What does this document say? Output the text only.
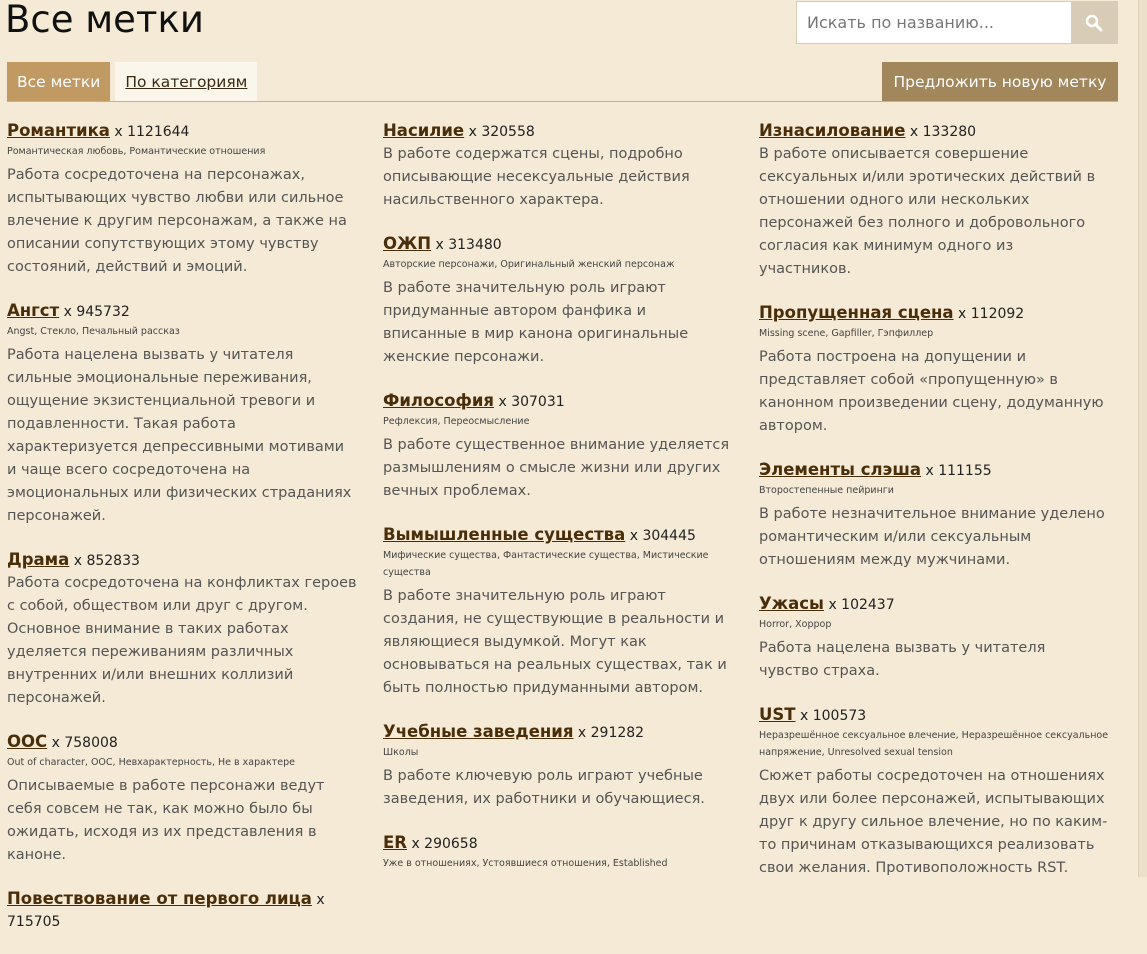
Все метки
Искать по названию...
Все метки	По категориям	Предложить новую метку
Романтика x 1121644
Романтическая любовь, Романтические отношения
Работа сосредоточена на персонажах, испытывающих чувство любви или сильное влечение к другим персонажам, а также на описании сопутствующих этому чувству состояний, действий и эмоций.
Ангст x 945732
Angst, Стекло, Печальный рассказ
Работа нацелена вызвать у читателя сильные эмоциональные переживания, ощущение экзистенциальной тревоги и подавленности. Такая работа характеризуется депрессивными мотивами и чаще всего сосредоточена на эмоциональных или физических страданиях персонажей.
Драма x 852833
Работа сосредоточена на конфликтах героев с собой, обществом или друг с другом. Основное внимание в таких работах уделяется переживаниям различных внутренних и/или внешних коллизий персонажей.
ООС x 758008
Out of character, OOC, Невхарактерность, Не в характере
Описываемые в работе персонажи ведут себя совсем не так, как можно было бы ожидать, исходя из их представления в каноне.
Повествование от первого лица x 715705
Насилие x 320558
В работе содержатся сцены, подробно описывающие несексуальные действия насильственного характера.
ОЖП x 313480
Авторские персонажи, Оригинальный женский персонаж
В работе значительную роль играют придуманные автором фанфика и вписанные в мир канона оригинальные женские персонажи.
Философия x 307031
Рефлексия, Переосмысление
В работе существенное внимание уделяется размышлениям о смысле жизни или других вечных проблемах.
Вымышленные существа x 304445
Мифические существа, Фантастические существа, Мистические существа
В работе значительную роль играют создания, не существующие в реальности и являющиеся выдумкой. Могут как основываться на реальных существах, так и быть полностью придуманными автором.
Учебные заведения x 291282
Школы
В работе ключевую роль играют учебные заведения, их работники и обучающиеся.
ER x 290658
Уже в отношениях, Устоявшиеся отношения, Established
Изнасилование x 133280
В работе описывается совершение сексуальных и/или эротических действий в отношении одного или нескольких персонажей без полного и добровольного согласия как минимум одного из участников.
Пропущенная сцена x 112092
Missing scene, Gapfiller, Гэпфиллер
Работа построена на допущении и представляет собой «пропущенную» в канонном произведении сцену, додуманную автором.
Элементы слэша x 111155
Второстепенные пейринги
В работе незначительное внимание уделено романтическим и/или сексуальным отношениям между мужчинами.
Ужасы x 102437
Horror, Хоррор
Работа нацелена вызвать у читателя чувство страха.
UST x 100573
Неразрешённое сексуальное влечение, Неразрешённое сексуальное напряжение, Unresolved sexual tension
Сюжет работы сосредоточен на отношениях двух или более персонажей, испытывающих друг к другу сильное влечение, но по каким-то причинам отказывающихся реализовать свои желания. Противоположность RST.
